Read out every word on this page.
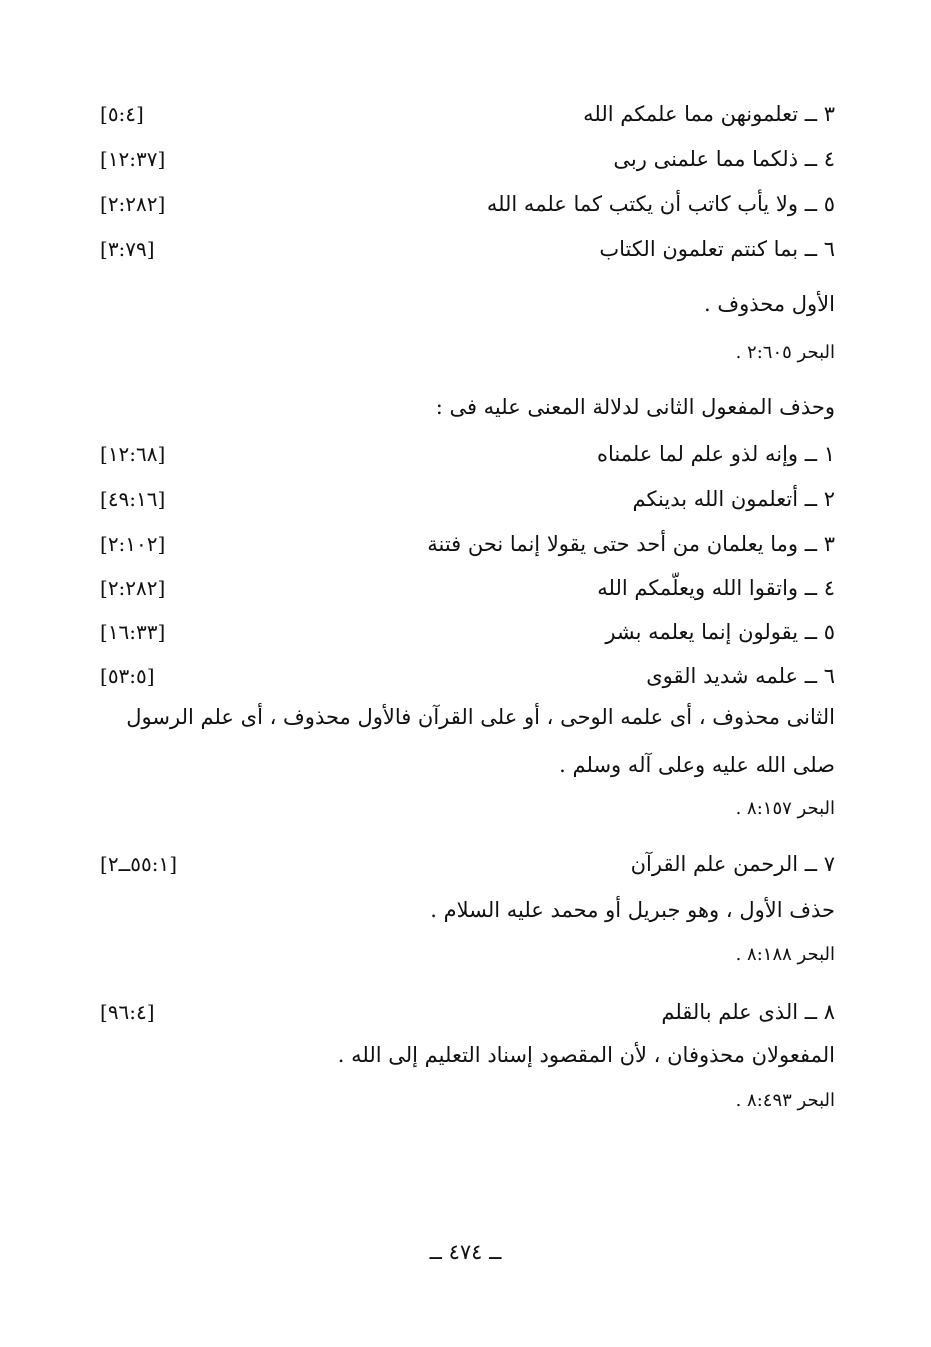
٣ ــ تعلمونهن مما علمكم الله
[٥:٤]
٤ ــ ذلكما مما علمنى ربى
[١٢:٣٧]
٥ ــ ولا يأب كاتب أن يكتب كما علمه الله
[٢:٢٨٢]
٦ ــ بما كنتم تعلمون الكتاب
[٣:٧٩]
الأول محذوف .
البحر ٢:٦٠٥ .
وحذف المفعول الثانى لدلالة المعنى عليه فى :
١ ــ وإنه لذو علم لما علمناه
[١٢:٦٨]
٢ ــ أتعلمون الله بدينكم
[٤٩:١٦]
٣ ــ وما يعلمان من أحد حتى يقولا إنما نحن فتنة
[٢:١٠٢]
٤ ــ واتقوا الله ويعلّمكم الله
[٢:٢٨٢]
٥ ــ يقولون إنما يعلمه بشر
[١٦:٣٣]
٦ ــ علمه شديد القوى
[٥٣:٥]
الثانى محذوف ، أى علمه الوحى ، أو على القرآن فالأول محذوف ، أى علم الرسول
صلى الله عليه وعلى آله وسلم .
البحر ٨:١٥٧ .
٧ ــ الرحمن علم القرآن
[٥٥:١ــ٢]
حذف الأول ، وهو جبريل أو محمد عليه السلام .
البحر ٨:١٨٨ .
٨ ــ الذى علم بالقلم
[٩٦:٤]
المفعولان محذوفان ، لأن المقصود إسناد التعليم إلى الله .
البحر ٨:٤٩٣ .
ــ ٤٧٤ ــ
